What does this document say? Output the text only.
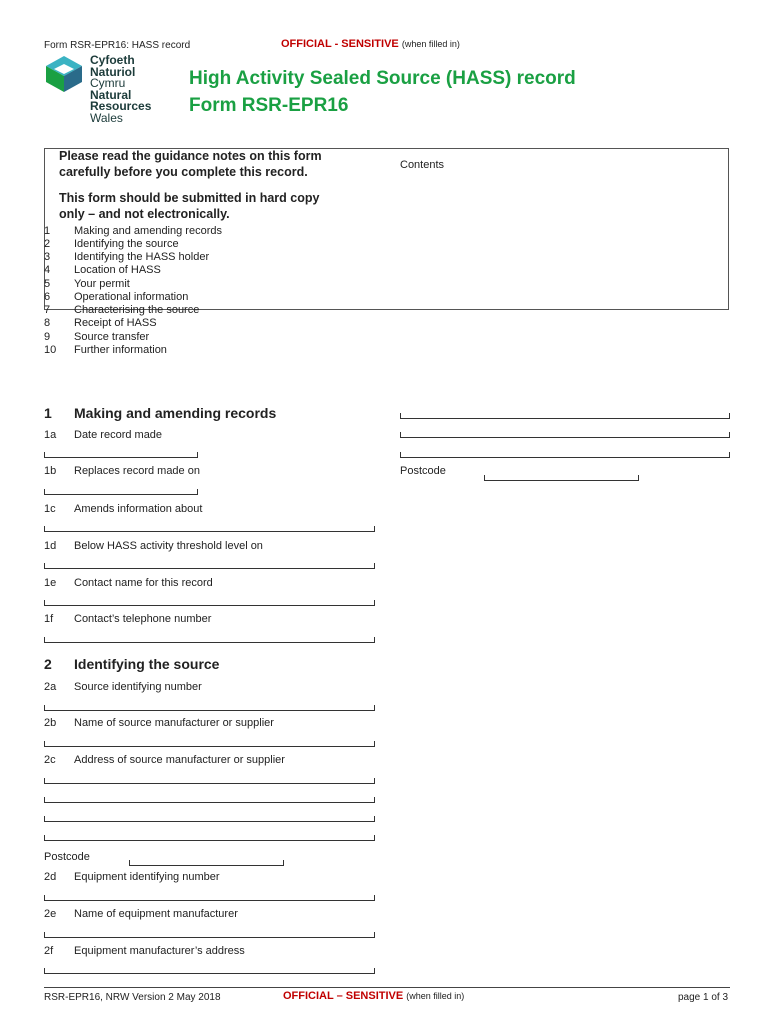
Form RSR-EPR16: HASS record	OFFICIAL - SENSITIVE (when filled in)
Cyfoeth
Naturiol
Cymru
Natural
Resources
Wales
High Activity Sealed Source (HASS) record
Form RSR-EPR16
Please read the guidance notes on this form
carefully before you complete this record.
This form should be submitted in hard copy
only – and not electronically.
Contents
1 Making and amending records
2 Identifying the source
3 Identifying the HASS holder
4 Location of HASS
5 Your permit
6 Operational information
7 Characterising the source
8 Receipt of HASS
9 Source transfer
10 Further information
1 Making and amending records
1a Date record made
1b Replaces record made on
1c Amends information about
1d Below HASS activity threshold level on
1e Contact name for this record
1f Contact’s telephone number
Postcode
2 Identifying the source
2a Source identifying number
2b Name of source manufacturer or supplier
2c Address of source manufacturer or supplier
Postcode
2d Equipment identifying number
2e Name of equipment manufacturer
2f Equipment manufacturer’s address
RSR-EPR16, NRW Version 2 May 2018	OFFICIAL – SENSITIVE (when filled in)	page 1 of 3
